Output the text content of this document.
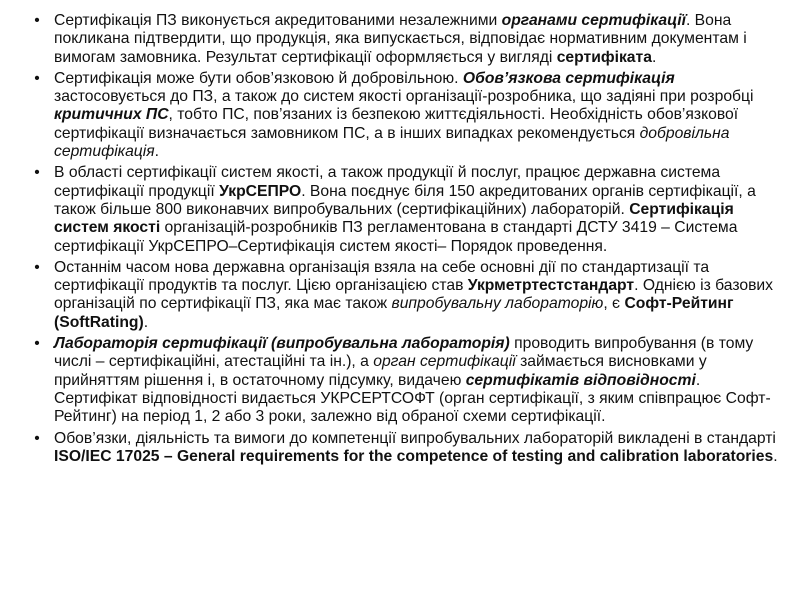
• Сертифікація ПЗ виконується акредитованими незалежними органами сертифікації. Вона покликана підтвердити, що продукція, яка випускається, відповідає нормативним документам і вимогам замовника. Результат сертифікації оформляється у вигляді сертифіката.
• Сертифікація може бути обов’язковою й добровільною. Обов’язкова сертифікація застосовується до ПЗ, а також до систем якості організації-розробника, що задіяні при розробці критичних ПС, тобто ПС, пов’язаних із безпекою життєдіяльності. Необхідність обов’язкової сертифікації визначається замовником ПС, а в інших випадках рекомендується добровільна сертифікація.
• В області сертифікації систем якості, а також продукції й послуг, працює державна система сертифікації продукції УкрСЕПРО. Вона поєднує біля 150 акредитованих органів сертифікації, а також більше 800 виконавчих випробувальних (сертифікаційних) лабораторій. Сертифікація систем якості організацій-розробників ПЗ регламентована в стандарті ДСТУ 3419 – Система сертифікації УкрСЕПРО–Сертифікація систем якості– Порядок проведення.
• Останнім часом нова державна організація взяла на себе основні дії по стандартизації та сертифікації продуктів та послуг. Цією організацією став Укрметртестстандарт. Однією із базових організацій по сертифікації ПЗ, яка має також випробувальну лабораторію, є Софт-Рейтинг (SoftRating).
• Лабораторія сертифікації (випробувальна лабораторія) проводить випробування (в тому числі – сертифікаційні, атестаційні та ін.), а орган сертифікації займається висновками у прийняттям рішення і, в остаточному підсумку, видачею сертифікатів відповідності. Сертифікат відповідності видається УКРСЕРТСОФТ (орган сертифікації, з яким співпрацює Софт-Рейтинг) на період 1, 2 або 3 роки, залежно від обраної схеми сертифікації.
• Обов’язки, діяльність та вимоги до компетенції випробувальних лабораторій викладені в стандарті ISO/IEC 17025 – General requirements for the competence of testing and calibration laboratories.
